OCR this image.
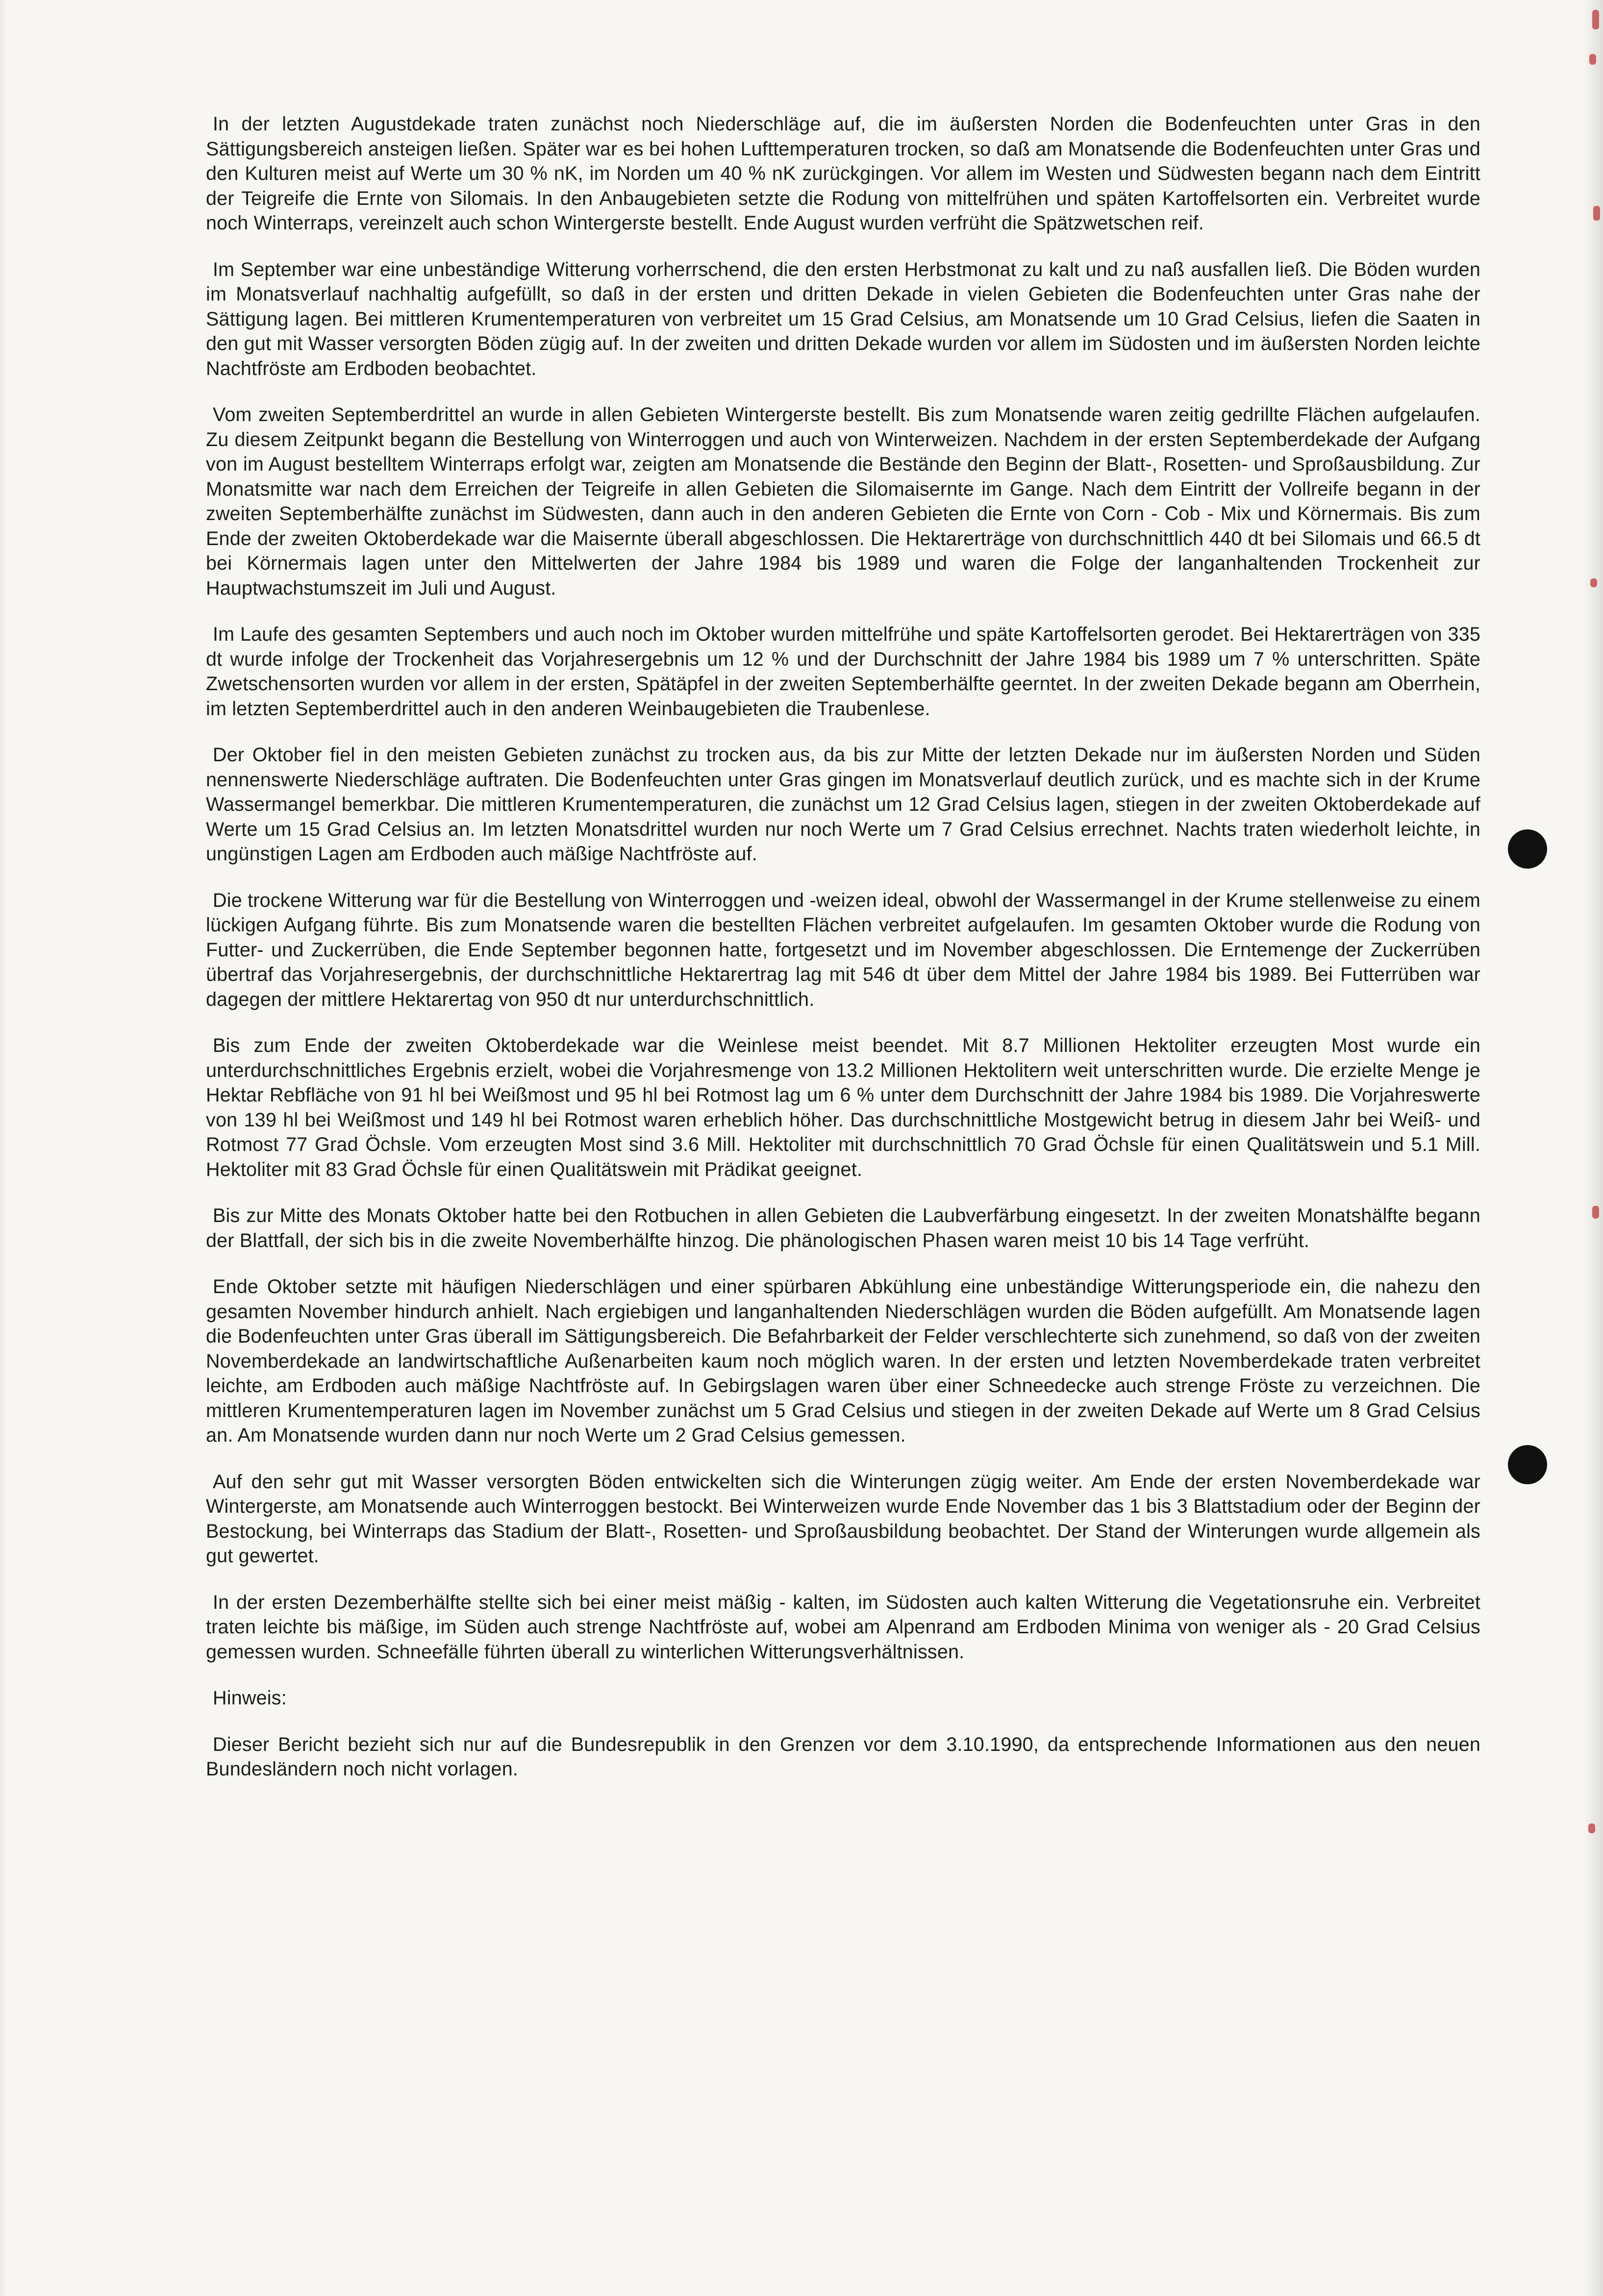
In der letzten Augustdekade traten zunächst noch Niederschläge auf, die im äußersten Norden die Bodenfeuchten unter Gras in den Sättigungsbereich ansteigen ließen. Später war es bei hohen Lufttemperaturen trocken, so daß am Monatsende die Bodenfeuchten unter Gras und den Kulturen meist auf Werte um 30 % nK, im Norden um 40 % nK zurückgingen. Vor allem im Westen und Südwesten begann nach dem Eintritt der Teigreife die Ernte von Silomais. In den Anbaugebieten setzte die Rodung von mittelfrühen und späten Kartoffelsorten ein. Verbreitet wurde noch Winterraps, vereinzelt auch schon Wintergerste bestellt. Ende August wurden verfrüht die Spätzwetschen reif.

Im September war eine unbeständige Witterung vorherrschend, die den ersten Herbstmonat zu kalt und zu naß ausfallen ließ. Die Böden wurden im Monatsverlauf nachhaltig aufgefüllt, so daß in der ersten und dritten Dekade in vielen Gebieten die Bodenfeuchten unter Gras nahe der Sättigung lagen. Bei mittleren Krumentemperaturen von verbreitet um 15 Grad Celsius, am Monatsende um 10 Grad Celsius, liefen die Saaten in den gut mit Wasser versorgten Böden zügig auf. In der zweiten und dritten Dekade wurden vor allem im Südosten und im äußersten Norden leichte Nachtfröste am Erdboden beobachtet.

Vom zweiten Septemberdrittel an wurde in allen Gebieten Wintergerste bestellt. Bis zum Monatsende waren zeitig gedrillte Flächen aufgelaufen. Zu diesem Zeitpunkt begann die Bestellung von Winterroggen und auch von Winterweizen. Nachdem in der ersten Septemberdekade der Aufgang von im August bestelltem Winterraps erfolgt war, zeigten am Monatsende die Bestände den Beginn der Blatt-, Rosetten- und Sproßausbildung. Zur Monatsmitte war nach dem Erreichen der Teigreife in allen Gebieten die Silomaisernte im Gange. Nach dem Eintritt der Vollreife begann in der zweiten Septemberhälfte zunächst im Südwesten, dann auch in den anderen Gebieten die Ernte von Corn - Cob - Mix und Körnermais. Bis zum Ende der zweiten Oktoberdekade war die Maisernte überall abgeschlossen. Die Hektarerträge von durchschnittlich 440 dt bei Silomais und 66.5 dt bei Körnermais lagen unter den Mittelwerten der Jahre 1984 bis 1989 und waren die Folge der langanhaltenden Trockenheit zur Hauptwachstumszeit im Juli und August.

Im Laufe des gesamten Septembers und auch noch im Oktober wurden mittelfrühe und späte Kartoffelsorten gerodet. Bei Hektarerträgen von 335 dt wurde infolge der Trockenheit das Vorjahresergebnis um 12 % und der Durchschnitt der Jahre 1984 bis 1989 um 7 % unterschritten. Späte Zwetschensorten wurden vor allem in der ersten, Spätäpfel in der zweiten Septemberhälfte geerntet. In der zweiten Dekade begann am Oberrhein, im letzten Septemberdrittel auch in den anderen Weinbaugebieten die Traubenlese.

Der Oktober fiel in den meisten Gebieten zunächst zu trocken aus, da bis zur Mitte der letzten Dekade nur im äußersten Norden und Süden nennenswerte Niederschläge auftraten. Die Bodenfeuchten unter Gras gingen im Monatsverlauf deutlich zurück, und es machte sich in der Krume Wassermangel bemerkbar. Die mittleren Krumentemperaturen, die zunächst um 12 Grad Celsius lagen, stiegen in der zweiten Oktoberdekade auf Werte um 15 Grad Celsius an. Im letzten Monatsdrittel wurden nur noch Werte um 7 Grad Celsius errechnet. Nachts traten wiederholt leichte, in ungünstigen Lagen am Erdboden auch mäßige Nachtfröste auf.

Die trockene Witterung war für die Bestellung von Winterroggen und -weizen ideal, obwohl der Wassermangel in der Krume stellenweise zu einem lückigen Aufgang führte. Bis zum Monatsende waren die bestellten Flächen verbreitet aufgelaufen. Im gesamten Oktober wurde die Rodung von Futter- und Zuckerrüben, die Ende September begonnen hatte, fortgesetzt und im November abgeschlossen. Die Erntemenge der Zuckerrüben übertraf das Vorjahresergebnis, der durchschnittliche Hektarertrag lag mit 546 dt über dem Mittel der Jahre 1984 bis 1989. Bei Futterrüben war dagegen der mittlere Hektarertag von 950 dt nur unterdurchschnittlich.

Bis zum Ende der zweiten Oktoberdekade war die Weinlese meist beendet. Mit 8.7 Millionen Hektoliter erzeugten Most wurde ein unterdurchschnittliches Ergebnis erzielt, wobei die Vorjahresmenge von 13.2 Millionen Hektolitern weit unterschritten wurde. Die erzielte Menge je Hektar Rebfläche von 91 hl bei Weißmost und 95 hl bei Rotmost lag um 6 % unter dem Durchschnitt der Jahre 1984 bis 1989. Die Vorjahreswerte von 139 hl bei Weißmost und 149 hl bei Rotmost waren erheblich höher. Das durchschnittliche Mostgewicht betrug in diesem Jahr bei Weiß- und Rotmost 77 Grad Öchsle. Vom erzeugten Most sind 3.6 Mill. Hektoliter mit durchschnittlich 70 Grad Öchsle für einen Qualitätswein und 5.1 Mill. Hektoliter mit 83 Grad Öchsle für einen Qualitätswein mit Prädikat geeignet.

Bis zur Mitte des Monats Oktober hatte bei den Rotbuchen in allen Gebieten die Laubverfärbung eingesetzt. In der zweiten Monatshälfte begann der Blattfall, der sich bis in die zweite Novemberhälfte hinzog. Die phänologischen Phasen waren meist 10 bis 14 Tage verfrüht.

Ende Oktober setzte mit häufigen Niederschlägen und einer spürbaren Abkühlung eine unbeständige Witterungsperiode ein, die nahezu den gesamten November hindurch anhielt. Nach ergiebigen und langanhaltenden Niederschlägen wurden die Böden aufgefüllt. Am Monatsende lagen die Bodenfeuchten unter Gras überall im Sättigungsbereich. Die Befahrbarkeit der Felder verschlechterte sich zunehmend, so daß von der zweiten Novemberdekade an landwirtschaftliche Außenarbeiten kaum noch möglich waren. In der ersten und letzten Novemberdekade traten verbreitet leichte, am Erdboden auch mäßige Nachtfröste auf. In Gebirgslagen waren über einer Schneedecke auch strenge Fröste zu verzeichnen. Die mittleren Krumentemperaturen lagen im November zunächst um 5 Grad Celsius und stiegen in der zweiten Dekade auf Werte um 8 Grad Celsius an. Am Monatsende wurden dann nur noch Werte um 2 Grad Celsius gemessen.

Auf den sehr gut mit Wasser versorgten Böden entwickelten sich die Winterungen zügig weiter. Am Ende der ersten Novemberdekade war Wintergerste, am Monatsende auch Winterroggen bestockt. Bei Winterweizen wurde Ende November das 1 bis 3 Blattstadium oder der Beginn der Bestockung, bei Winterraps das Stadium der Blatt-, Rosetten- und Sproßausbildung beobachtet. Der Stand der Winterungen wurde allgemein als gut gewertet.

In der ersten Dezemberhälfte stellte sich bei einer meist mäßig - kalten, im Südosten auch kalten Witterung die Vegetationsruhe ein. Verbreitet traten leichte bis mäßige, im Süden auch strenge Nachtfröste auf, wobei am Alpenrand am Erdboden Minima von weniger als - 20 Grad Celsius gemessen wurden. Schneefälle führten überall zu winterlichen Witterungsverhältnissen.

Hinweis:

Dieser Bericht bezieht sich nur auf die Bundesrepublik in den Grenzen vor dem 3.10.1990, da entsprechende Informationen aus den neuen Bundesländern noch nicht vorlagen.
